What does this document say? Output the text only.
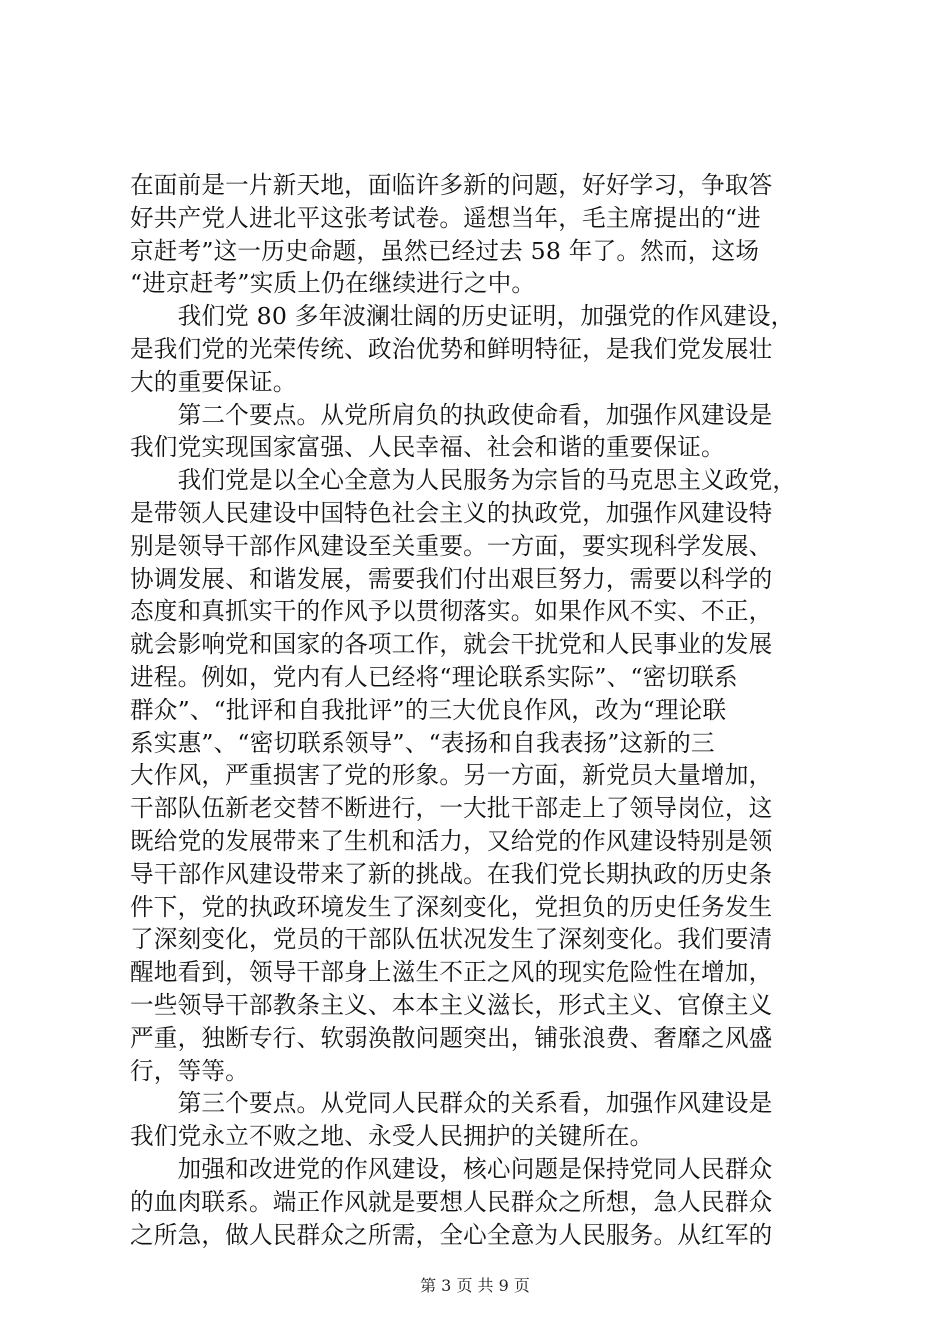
在面前是一片新天地，面临许多新的问题，好好学习，争取答
好共产党人进北平这张考试卷。遥想当年，毛主席提出的“进
京赶考”这一历史命题，虽然已经过去 58 年了。然而，这场
“进京赶考”实质上仍在继续进行之中。
　　我们党 80 多年波澜壮阔的历史证明，加强党的作风建设，
是我们党的光荣传统、政治优势和鲜明特征，是我们党发展壮
大的重要保证。
　　第二个要点。从党所肩负的执政使命看，加强作风建设是
我们党实现国家富强、人民幸福、社会和谐的重要保证。
　　我们党是以全心全意为人民服务为宗旨的马克思主义政党，
是带领人民建设中国特色社会主义的执政党，加强作风建设特
别是领导干部作风建设至关重要。一方面，要实现科学发展、
协调发展、和谐发展，需要我们付出艰巨努力，需要以科学的
态度和真抓实干的作风予以贯彻落实。如果作风不实、不正，
就会影响党和国家的各项工作，就会干扰党和人民事业的发展
进程。例如，党内有人已经将“理论联系实际”、“密切联系
群众”、“批评和自我批评”的三大优良作风，改为“理论联
系实惠”、“密切联系领导”、“表扬和自我表扬”这新的三
大作风，严重损害了党的形象。另一方面，新党员大量增加，
干部队伍新老交替不断进行，一大批干部走上了领导岗位，这
既给党的发展带来了生机和活力，又给党的作风建设特别是领
导干部作风建设带来了新的挑战。在我们党长期执政的历史条
件下，党的执政环境发生了深刻变化，党担负的历史任务发生
了深刻变化，党员的干部队伍状况发生了深刻变化。我们要清
醒地看到，领导干部身上滋生不正之风的现实危险性在增加，
一些领导干部教条主义、本本主义滋长，形式主义、官僚主义
严重，独断专行、软弱涣散问题突出，铺张浪费、奢靡之风盛
行，等等。
　　第三个要点。从党同人民群众的关系看，加强作风建设是
我们党永立不败之地、永受人民拥护的关键所在。
　　加强和改进党的作风建设，核心问题是保持党同人民群众
的血肉联系。端正作风就是要想人民群众之所想，急人民群众
之所急，做人民群众之所需，全心全意为人民服务。从红军的
第 3 页 共 9 页
